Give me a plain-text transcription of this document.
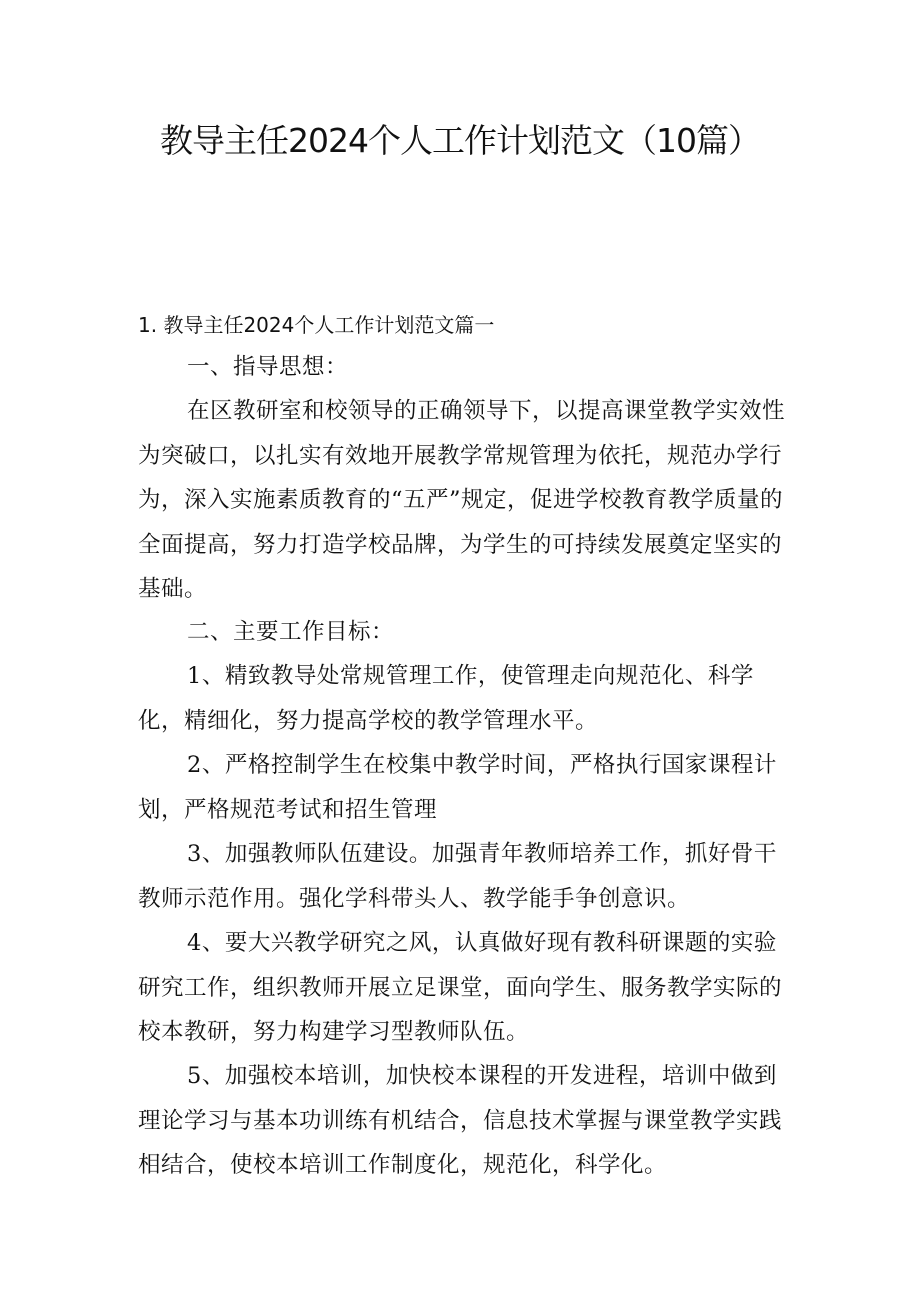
教导主任2024个人工作计划范文（10篇）
1. 教导主任2024个人工作计划范文篇一

一、指导思想：

在区教研室和校领导的正确领导下，以提高课堂教学实效性为突破口，以扎实有效地开展教学常规管理为依托，规范办学行为，深入实施素质教育的“五严”规定，促进学校教育教学质量的全面提高，努力打造学校品牌，为学生的可持续发展奠定坚实的基础。

二、主要工作目标：

1、精致教导处常规管理工作，使管理走向规范化、科学化，精细化，努力提高学校的教学管理水平。

2、严格控制学生在校集中教学时间，严格执行国家课程计划，严格规范考试和招生管理

3、加强教师队伍建设。加强青年教师培养工作，抓好骨干教师示范作用。强化学科带头人、教学能手争创意识。

4、要大兴教学研究之风，认真做好现有教科研课题的实验研究工作，组织教师开展立足课堂，面向学生、服务教学实际的校本教研，努力构建学习型教师队伍。

5、加强校本培训，加快校本课程的开发进程，培训中做到理论学习与基本功训练有机结合，信息技术掌握与课堂教学实践相结合，使校本培训工作制度化，规范化，科学化。
